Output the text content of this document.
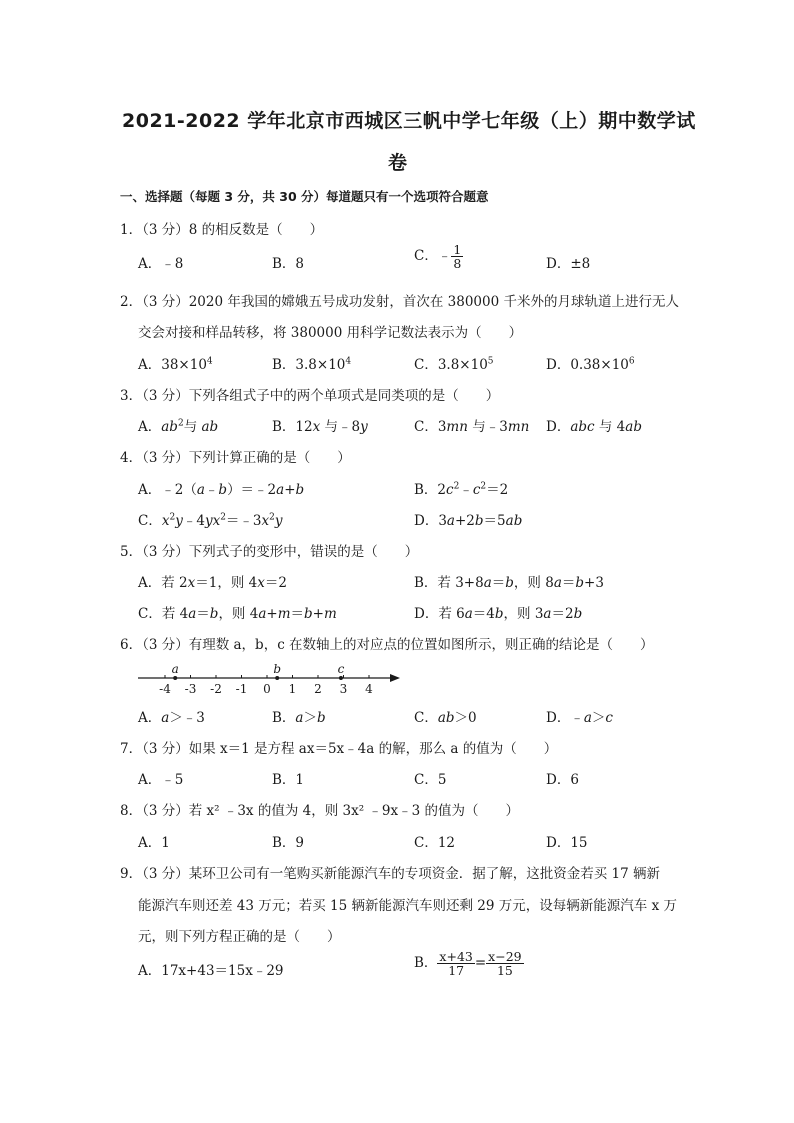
2021-2022 学年北京市西城区三帆中学七年级（上）期中数学试
卷
一、选择题（每题 3 分，共 30 分）每道题只有一个选项符合题意
1．（3 分）8 的相反数是（　　）
A．﹣8	B．8	C．﹣ $\frac{1}{8}$	D．±8
2．（3 分）2020 年我国的嫦娥五号成功发射，首次在 380000 千米外的月球轨道上进行无人
交会对接和样品转移，将 380000 用科学记数法表示为（　　）
A．$38\times 10^4$	B．$3.8\times 10^4$	C．$3.8\times 10^5$	D．$0.38\times 10^6$
3．（3 分）下列各组式子中的两个单项式是同类项的是（　　）
A．$ab^2$与 ab	B．12x 与﹣8y	C．3mn 与﹣3mn D．abc 与 4ab
4．（3 分）下列计算正确的是（　　）
A．﹣2（a﹣b）＝﹣2a+b	B．$2c^2﹣c^2=2$
C．$x^2y﹣4yx^2=﹣3x^2y$	D．3a+2b＝5ab
5．（3 分）下列式子的变形中，错误的是（　　）
A．若 2x＝1，则 4x＝2	B．若 3+8a＝b，则 8a＝b+3
C．若 4a＝b，则 4a+m＝b+m	D．若 6a＝4b，则 3a＝2b
6．（3 分）有理数 a，b，c 在数轴上的对应点的位置如图所示，则正确的结论是（　　）
-4 -3 -2 -1 0 1 2 3 4
a	b	c
A．a＞﹣3	B．a＞b	C．ab＞0	D．﹣a＞c
7．（3 分）如果 x＝1 是方程 ax＝5x﹣4a 的解，那么 a 的值为（　　）
A．﹣5	B．1	C．5	D．6
8．（3 分）若 x² ﹣3x 的值为 4，则 3x² ﹣9x﹣3 的值为（　　）
A．1	B．9	C．12	D．15
9．（3 分）某环卫公司有一笔购买新能源汽车的专项资金．据了解，这批资金若买 17 辆新
能源汽车则还差 43 万元；若买 15 辆新能源汽车则还剩 29 万元，设每辆新能源汽车 x 万
元，则下列方程正确的是（　　）
A．17x+43＝15x﹣29	B． $\frac{x+43}{17} = \frac{x-29}{15}$
